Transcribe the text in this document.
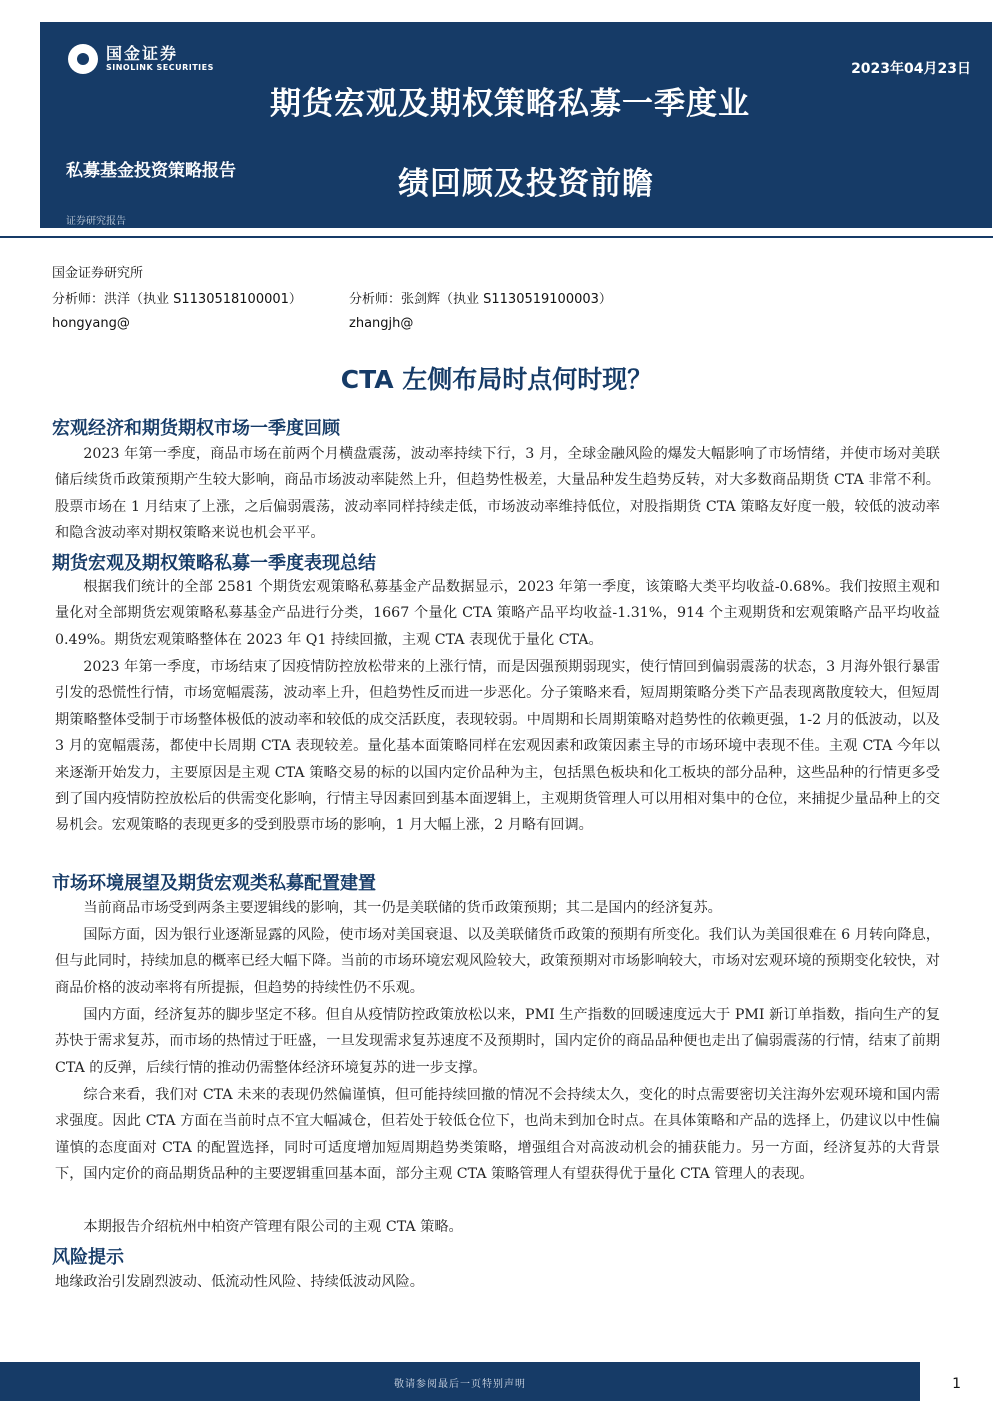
国金证券
SINOLINK SECURITIES	2023年04月23日
期货宏观及期权策略私募一季度业
绩回顾及投资前瞻
私募基金投资策略报告
证券研究报告
国金证券研究所
分析师：洪洋（执业 S1130518100001）	分析师：张剑辉（执业 S1130519100003）
hongyang@	zhangjh@
CTA 左侧布局时点何时现？
宏观经济和期货期权市场一季度回顾

2023 年第一季度，商品市场在前两个月横盘震荡，波动率持续下行，3 月，全球金融风险的爆发大幅影响了市场情绪，并使市场对美联储后续货币政策预期产生较大影响，商品市场波动率陡然上升，但趋势性极差，大量品种发生趋势反转，对大多数商品期货 CTA 非常不利。股票市场在 1 月结束了上涨，之后偏弱震荡，波动率同样持续走低，市场波动率维持低位，对股指期货 CTA 策略友好度一般，较低的波动率和隐含波动率对期权策略来说也机会平平。

期货宏观及期权策略私募一季度表现总结

根据我们统计的全部 2581 个期货宏观策略私募基金产品数据显示，2023 年第一季度，该策略大类平均收益-0.68%。我们按照主观和量化对全部期货宏观策略私募基金产品进行分类，1667 个量化 CTA 策略产品平均收益-1.31%，914 个主观期货和宏观策略产品平均收益 0.49%。期货宏观策略整体在 2023 年 Q1 持续回撤，主观 CTA 表现优于量化 CTA。

2023 年第一季度，市场结束了因疫情防控放松带来的上涨行情，而是因强预期弱现实，使行情回到偏弱震荡的状态，3 月海外银行暴雷引发的恐慌性行情，市场宽幅震荡，波动率上升，但趋势性反而进一步恶化。分子策略来看，短周期策略分类下产品表现离散度较大，但短周期策略整体受制于市场整体极低的波动率和较低的成交活跃度，表现较弱。中周期和长周期策略对趋势性的依赖更强，1-2 月的低波动，以及 3 月的宽幅震荡，都使中长周期 CTA 表现较差。量化基本面策略同样在宏观因素和政策因素主导的市场环境中表现不佳。主观 CTA 今年以来逐渐开始发力，主要原因是主观 CTA 策略交易的标的以国内定价品种为主，包括黑色板块和化工板块的部分品种，这些品种的行情更多受到了国内疫情防控放松后的供需变化影响，行情主导因素回到基本面逻辑上，主观期货管理人可以用相对集中的仓位，来捕捉少量品种上的交易机会。宏观策略的表现更多的受到股票市场的影响，1 月大幅上涨，2 月略有回调。

市场环境展望及期货宏观类私募配置建置

当前商品市场受到两条主要逻辑线的影响，其一仍是美联储的货币政策预期；其二是国内的经济复苏。

国际方面，因为银行业逐渐显露的风险，使市场对美国衰退、以及美联储货币政策的预期有所变化。我们认为美国很难在 6 月转向降息，但与此同时，持续加息的概率已经大幅下降。当前的市场环境宏观风险较大，政策预期对市场影响较大，市场对宏观环境的预期变化较快，对商品价格的波动率将有所提振，但趋势的持续性仍不乐观。

国内方面，经济复苏的脚步坚定不移。但自从疫情防控政策放松以来，PMI 生产指数的回暖速度远大于 PMI 新订单指数，指向生产的复苏快于需求复苏，而市场的热情过于旺盛，一旦发现需求复苏速度不及预期时，国内定价的商品品种便也走出了偏弱震荡的行情，结束了前期 CTA 的反弹，后续行情的推动仍需整体经济环境复苏的进一步支撑。

综合来看，我们对 CTA 未来的表现仍然偏谨慎，但可能持续回撤的情况不会持续太久，变化的时点需要密切关注海外宏观环境和国内需求强度。因此 CTA 方面在当前时点不宜大幅减仓，但若处于较低仓位下，也尚未到加仓时点。在具体策略和产品的选择上，仍建议以中性偏谨慎的态度面对 CTA 的配置选择，同时可适度增加短周期趋势类策略，增强组合对高波动机会的捕获能力。另一方面，经济复苏的大背景下，国内定价的商品期货品种的主要逻辑重回基本面，部分主观 CTA 策略管理人有望获得优于量化 CTA 管理人的表现。

本期报告介绍杭州中柏资产管理有限公司的主观 CTA 策略。

风险提示

地缘政治引发剧烈波动、低流动性风险、持续低波动风险。

敬请参阅最后一页特别声明	1
